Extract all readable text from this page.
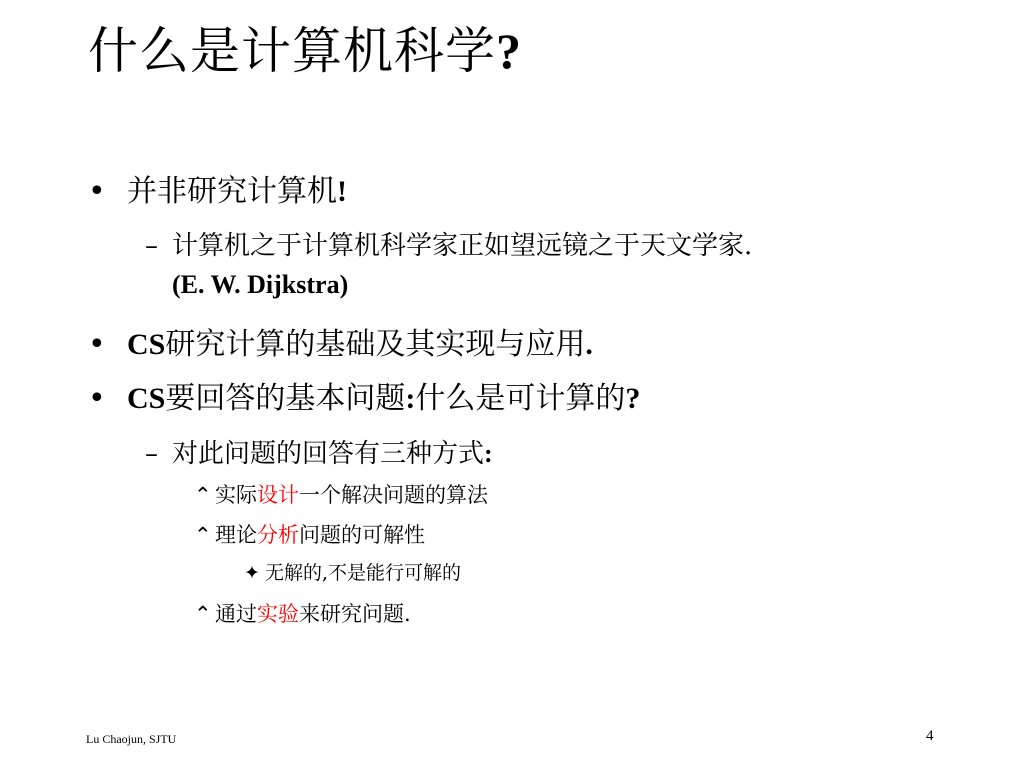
什么是计算机科学?
• 并非研究计算机!
– 计算机之于计算机科学家正如望远镜之于天文学家.
(E. W. Dijkstra)
• CS研究计算的基础及其实现与应用.
• CS要回答的基本问题:什么是可计算的?
– 对此问题的回答有三种方式:
⌃ 实际设计一个解决问题的算法
⌃ 理论分析问题的可解性
✦ 无解的,不是能行可解的
⌃ 通过实验来研究问题.
Lu Chaojun, SJTU	4
